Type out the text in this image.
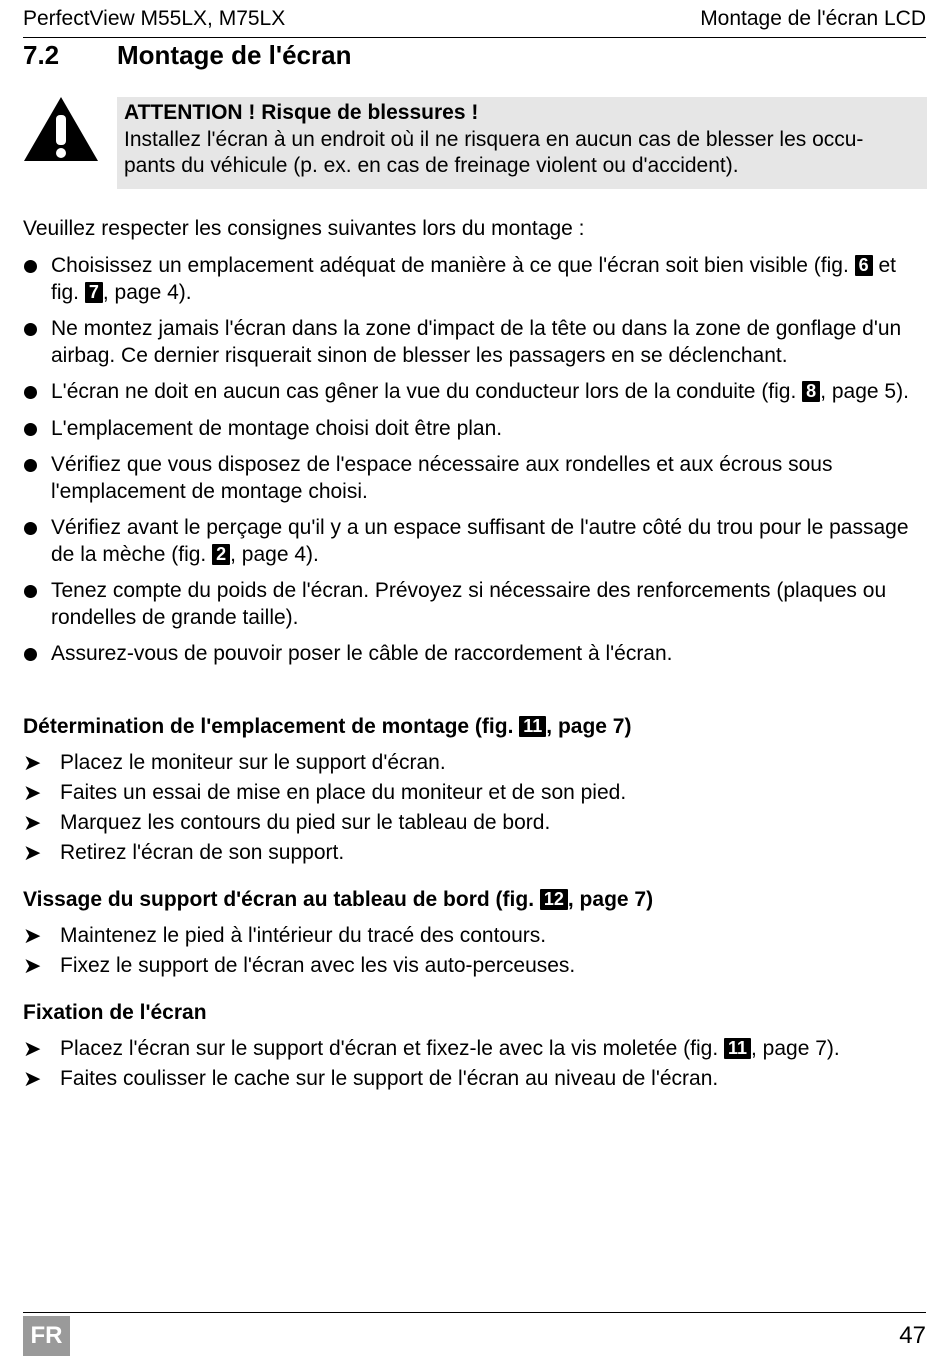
PerfectView M55LX, M75LX	Montage de l'écran LCD
7.2 Montage de l'écran
ATTENTION ! Risque de blessures !
Installez l'écran à un endroit où il ne risquera en aucun cas de blesser les occu-
pants du véhicule (p. ex. en cas de freinage violent ou d'accident).
Veuillez respecter les consignes suivantes lors du montage :
Choisissez un emplacement adéquat de manière à ce que l'écran soit bien visible (fig. 6 et fig. 7 , page 4).
Ne montez jamais l'écran dans la zone d'impact de la tête ou dans la zone de gonflage d'un airbag. Ce dernier risquerait sinon de blesser les passagers en se déclenchant.
L'écran ne doit en aucun cas gêner la vue du conducteur lors de la conduite (fig. 8 , page 5).
L'emplacement de montage choisi doit être plan.
Vérifiez que vous disposez de l'espace nécessaire aux rondelles et aux écrous sous l'emplacement de montage choisi.
Vérifiez avant le perçage qu'il y a un espace suffisant de l'autre côté du trou pour le passage de la mèche (fig. 2 , page 4).
Tenez compte du poids de l'écran. Prévoyez si nécessaire des renforcements (plaques ou rondelles de grande taille).
Assurez-vous de pouvoir poser le câble de raccordement à l'écran.
Détermination de l'emplacement de montage (fig. 11 , page 7)
➤ Placez le moniteur sur le support d'écran.
➤ Faites un essai de mise en place du moniteur et de son pied.
➤ Marquez les contours du pied sur le tableau de bord.
➤ Retirez l'écran de son support.
Vissage du support d'écran au tableau de bord (fig. 12 , page 7)
➤ Maintenez le pied à l'intérieur du tracé des contours.
➤ Fixez le support de l'écran avec les vis auto-perceuses.
Fixation de l'écran
➤ Placez l'écran sur le support d'écran et fixez-le avec la vis moletée (fig. 11 , page 7).
➤ Faites coulisser le cache sur le support de l'écran au niveau de l'écran.
FR	47
